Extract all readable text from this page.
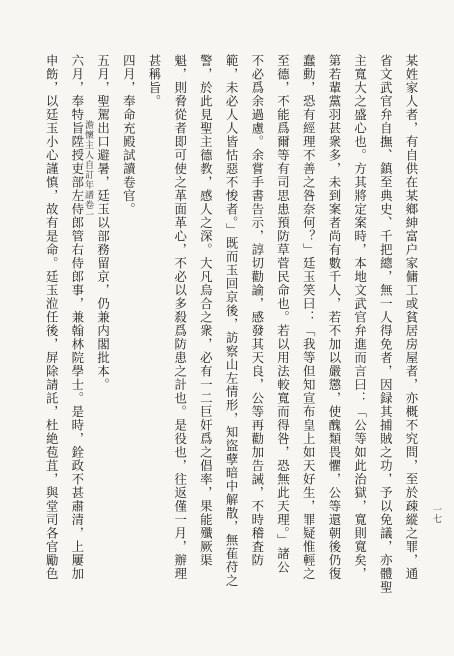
某姓家人者，有自供在某鄉紳富户家傭工或貧居房屋者，亦概不究問，至於疎縱之罪，通
省文武官弁自撫、鎮至典史、千把總，無一人得免者，因録其捕賊之功，予以免議，亦體聖
主寬大之盛心也。方其將定案時，本地文武官弁進而言曰：「公等如此治獄，寬則寬矣，
第若輩黨羽甚衆多，未到案者尚有數千人，若不加以嚴懲，使醜類畏懼，公等還朝後仍復
蠢動，恐有經理不善之咎奈何？」廷玉笑曰：「我等但知宣布皇上如天好生，罪疑惟輕之
至德，不能爲爾等有司思患預防草菅民命也。若以用法較寬而得咎，恐無此天理。」諸公
不必爲余過慮。余嘗手書告示，諄切勸諭，感發其天良，公等再勸加告誡，不時稽査防
範，未必人人皆怙惡不悛者。」既而玉回京後，訪察山左情形，知盜孽暗中解散，無萑苻之
警，於此見聖主德教，感人之深。大凡烏合之衆，必有一二巨奸爲之倡率，果能殲厥渠
魁，則脅從者即可使之革面革心，不必以多殺爲防患之計也。是役也，往返僅一月，辦理
甚稱旨。
四月，奉命充殿試讀卷官。
五月，聖駕出口避暑，廷玉以部務留京，仍兼内閣批本。
六月，奉特旨陞授吏部左侍郎管右侍郎事，兼翰林院學士。是時，銓政不甚肅清，上屢加
申飭，以廷玉小心謹慎，故有是命。廷玉涖任後，屏除請託，杜絶苞苴，與堂司各官勵色	澹懷主人自訂年譜卷一
一七
